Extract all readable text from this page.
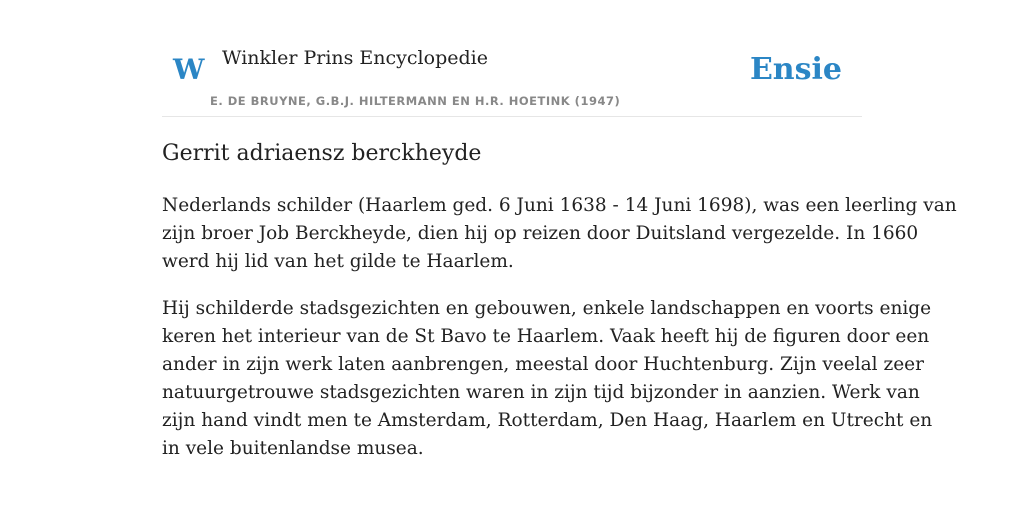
W Winkler Prins Encyclopedie
E. DE BRUYNE, G.B.J. HILTERMANN EN H.R. HOETINK (1947)
Ensie
Gerrit adriaensz berckheyde

Nederlands schilder (Haarlem ged. 6 Juni 1638 - 14 Juni 1698), was een leerling van
zijn broer Job Berckheyde, dien hij op reizen door Duitsland vergezelde. In 1660
werd hij lid van het gilde te Haarlem.

Hij schilderde stadsgezichten en gebouwen, enkele landschappen en voorts enige
keren het interieur van de St Bavo te Haarlem. Vaak heeft hij de figuren door een
ander in zijn werk laten aanbrengen, meestal door Huchtenburg. Zijn veelal zeer
natuurgetrouwe stadsgezichten waren in zijn tijd bijzonder in aanzien. Werk van
zijn hand vindt men te Amsterdam, Rotterdam, Den Haag, Haarlem en Utrecht en
in vele buitenlandse musea.
